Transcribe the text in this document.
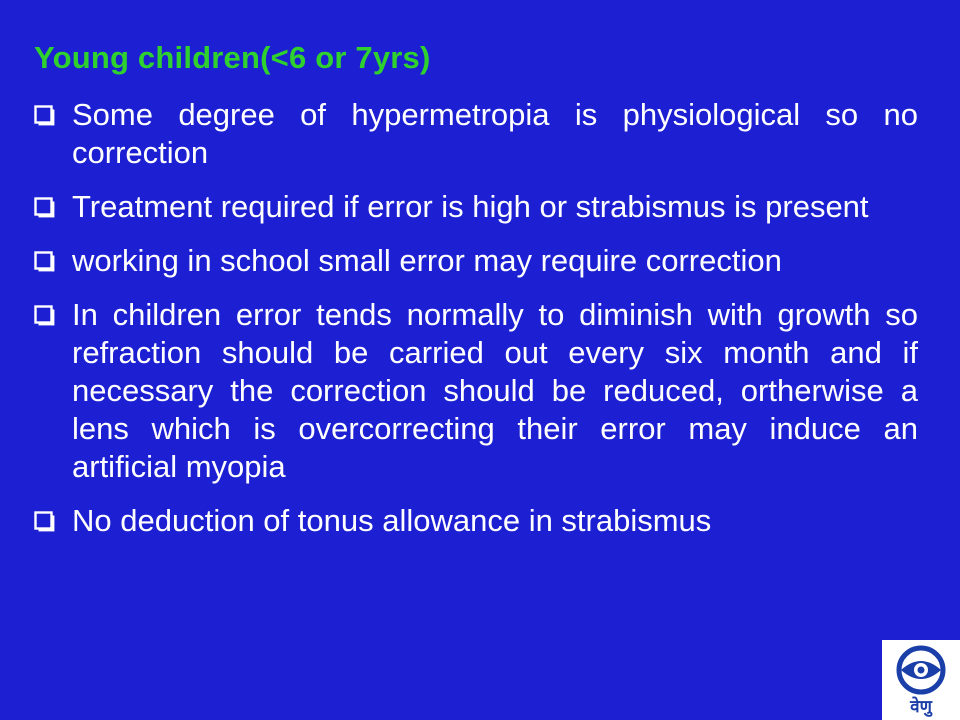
Young children(<6 or 7yrs)
Some degree of hypermetropia is physiological so no correction
Treatment required if error is high or strabismus is present
working in school small error may require correction
In children error tends normally to diminish with growth so refraction should be carried out every six month and if necessary the correction should be reduced, ortherwise a lens which is overcorrecting their error may induce an artificial myopia
No deduction of tonus allowance in strabismus
वेणु
